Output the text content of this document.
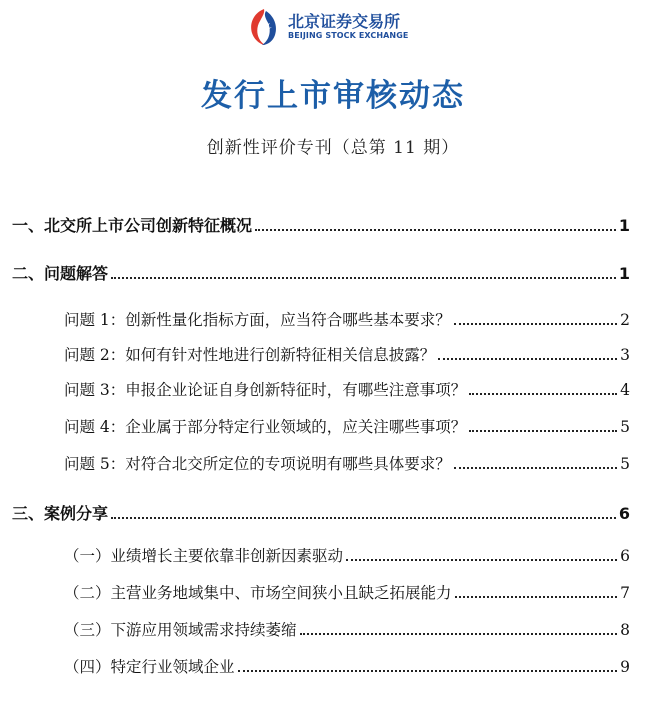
北京证券交易所
BEIJING STOCK EXCHANGE
发行上市审核动态
创新性评价专刊（总第 11 期）
一、北交所上市公司创新特征概况	1
二、问题解答	1
问题 1：创新性量化指标方面，应当符合哪些基本要求？	2
问题 2：如何有针对性地进行创新特征相关信息披露？	3
问题 3：申报企业论证自身创新特征时，有哪些注意事项？	4
问题 4：企业属于部分特定行业领域的，应关注哪些事项？	5
问题 5：对符合北交所定位的专项说明有哪些具体要求？	5
三、案例分享	6
（一）业绩增长主要依靠非创新因素驱动	6
（二）主营业务地域集中、市场空间狭小且缺乏拓展能力	7
（三）下游应用领域需求持续萎缩	8
（四）特定行业领域企业	9
